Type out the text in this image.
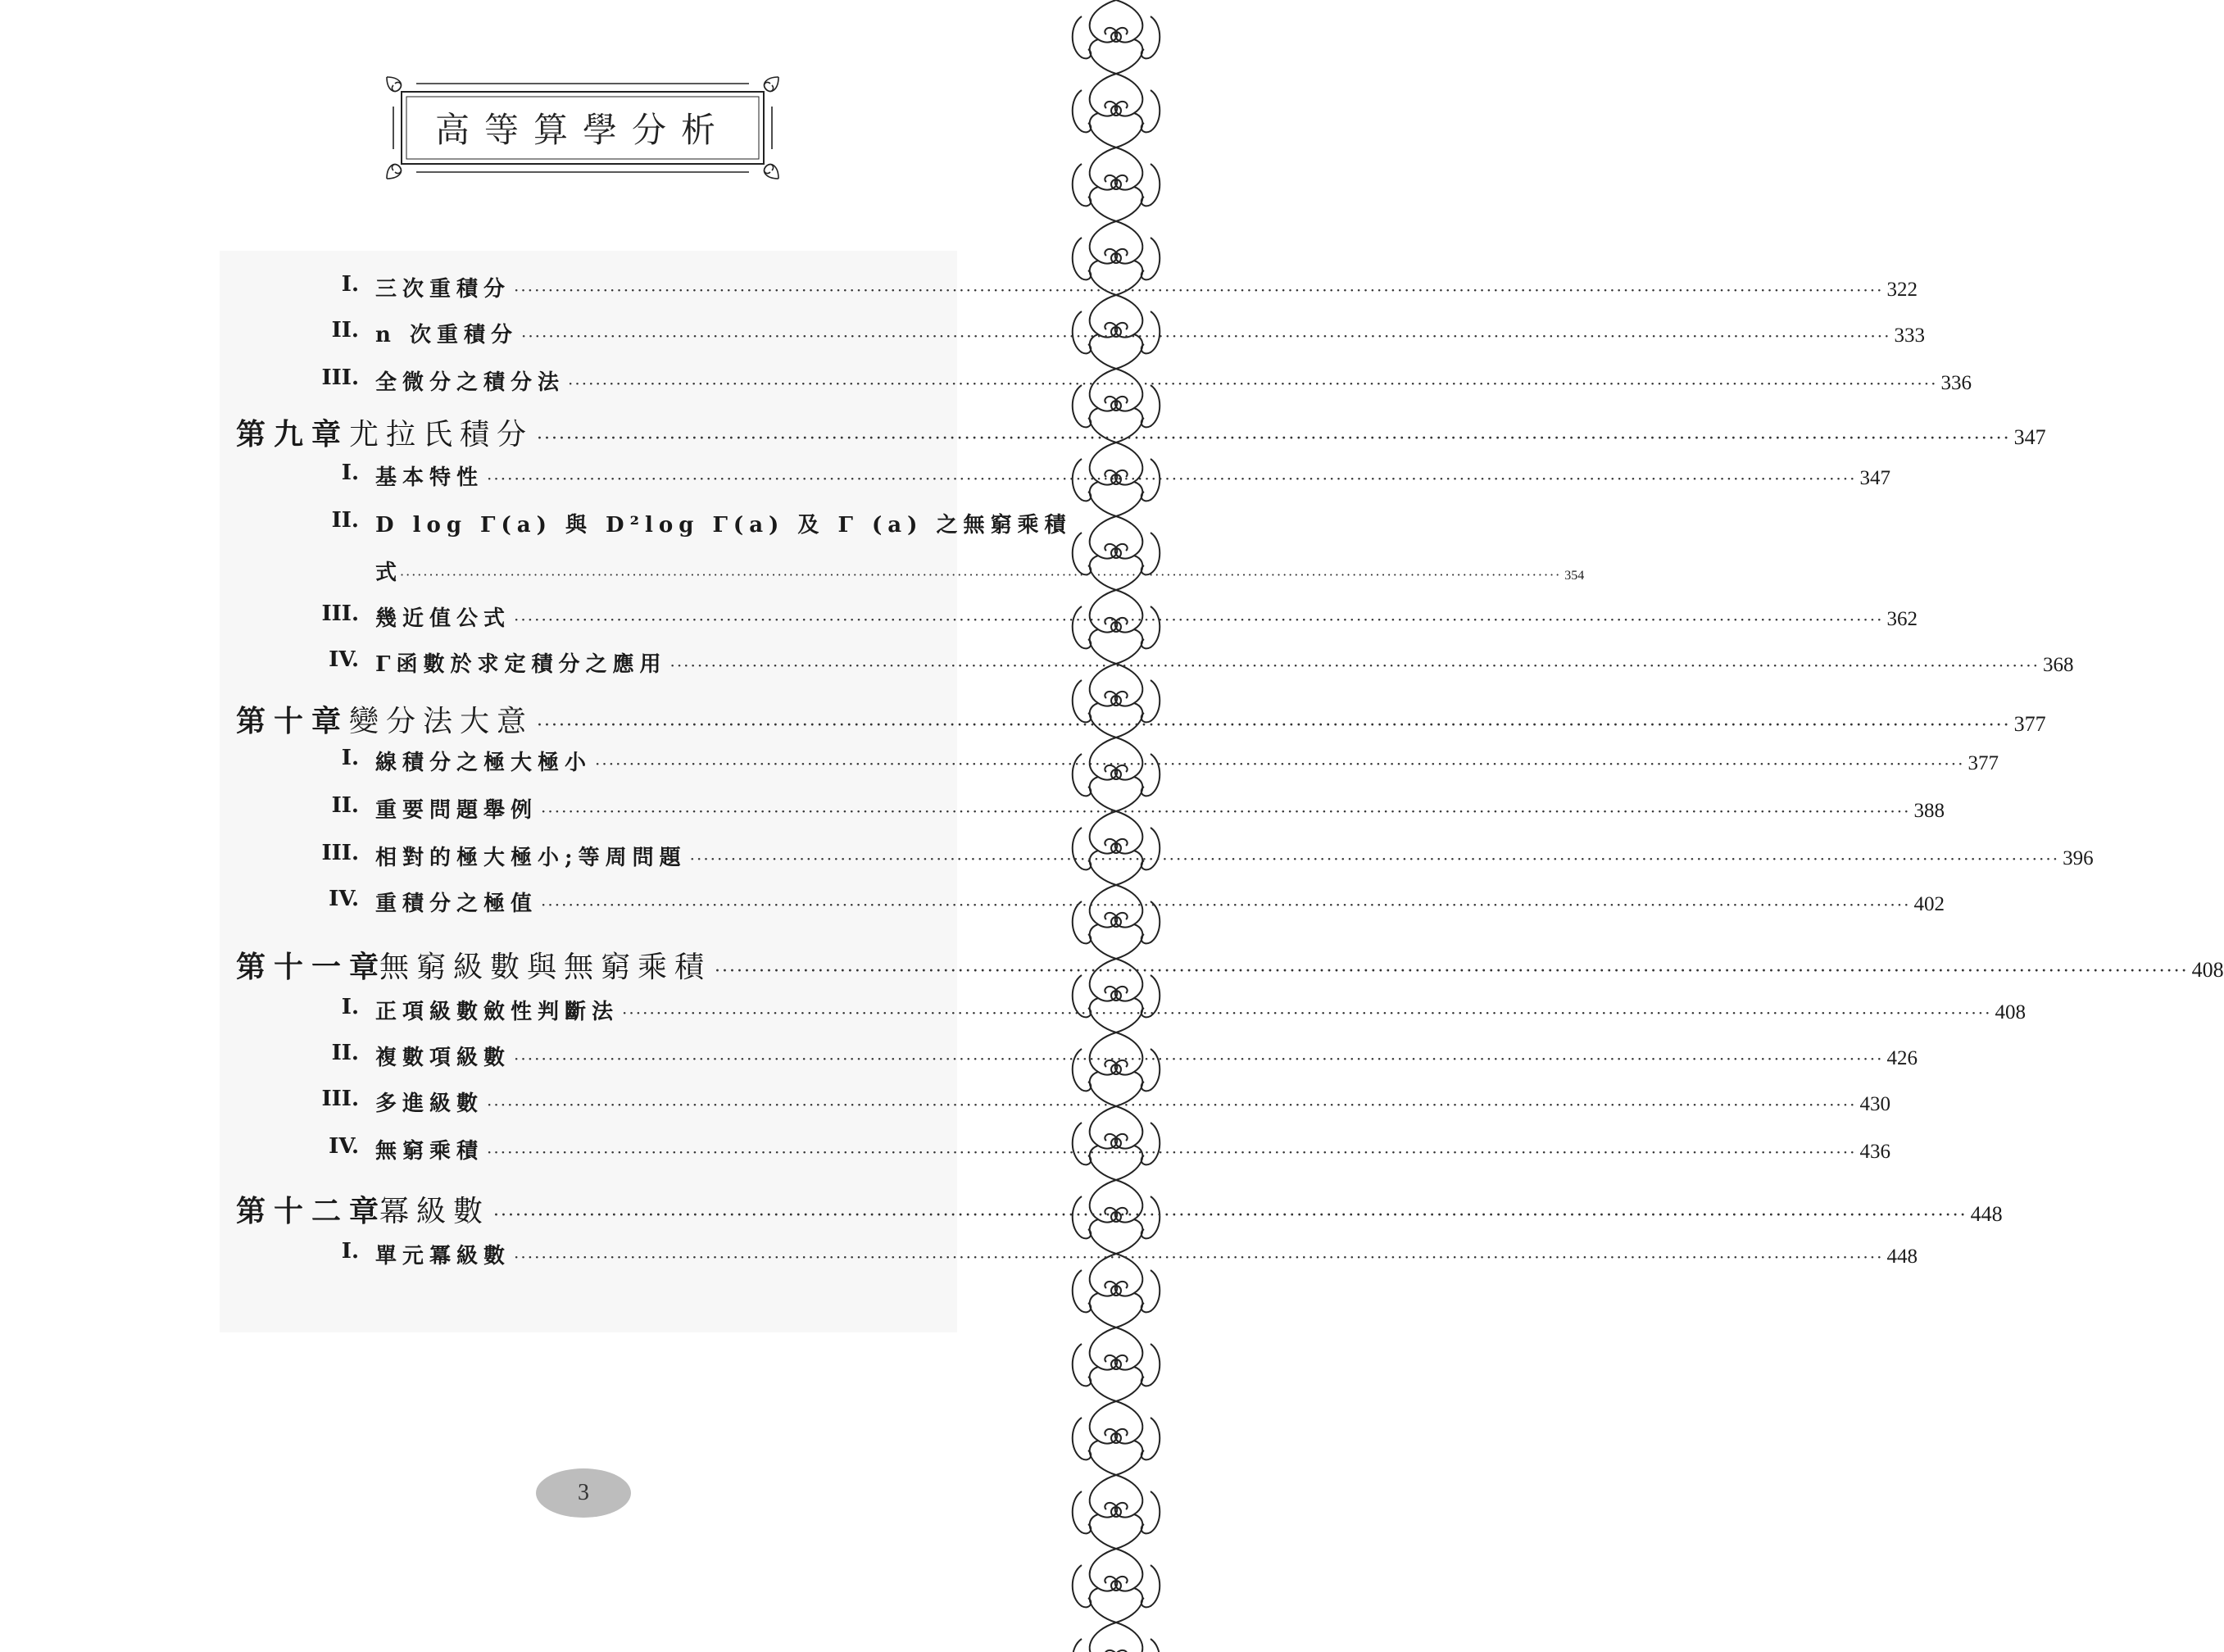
高等算學分析
I. 三次重積分 ········································································································································································································ 322
II. n 次重積分 ········································································································································································································ 333
III. 全微分之積分法 ········································································································································································································ 336
第九章 尤拉氏積分 ········································································································································································································ 347
I. 基本特性 ········································································································································································································ 347
II. D log Γ(a) 與 D²log Γ(a) 及 Γ (a) 之無窮乘積
式 ········································································································································································································ 354
III. 幾近值公式 ········································································································································································································ 362
IV. Γ函數於求定積分之應用 ········································································································································································································ 368
第十章 變分法大意 ········································································································································································································ 377
I. 線積分之極大極小 ········································································································································································································ 377
II. 重要問題舉例 ········································································································································································································ 388
III. 相對的極大極小;等周問題 ········································································································································································································ 396
IV. 重積分之極值 ········································································································································································································ 402
第十一章
無窮級數與無窮乘積 ········································································································································································································ 408
I. 正項級數斂性判斷法 ········································································································································································································ 408
II. 複數項級數 ········································································································································································································ 426
III. 多進級數 ········································································································································································································ 430
IV. 無窮乘積 ········································································································································································································ 436
第十二章
冪級數 ········································································································································································································ 448
I. 單元冪級數 ········································································································································································································ 448
3
